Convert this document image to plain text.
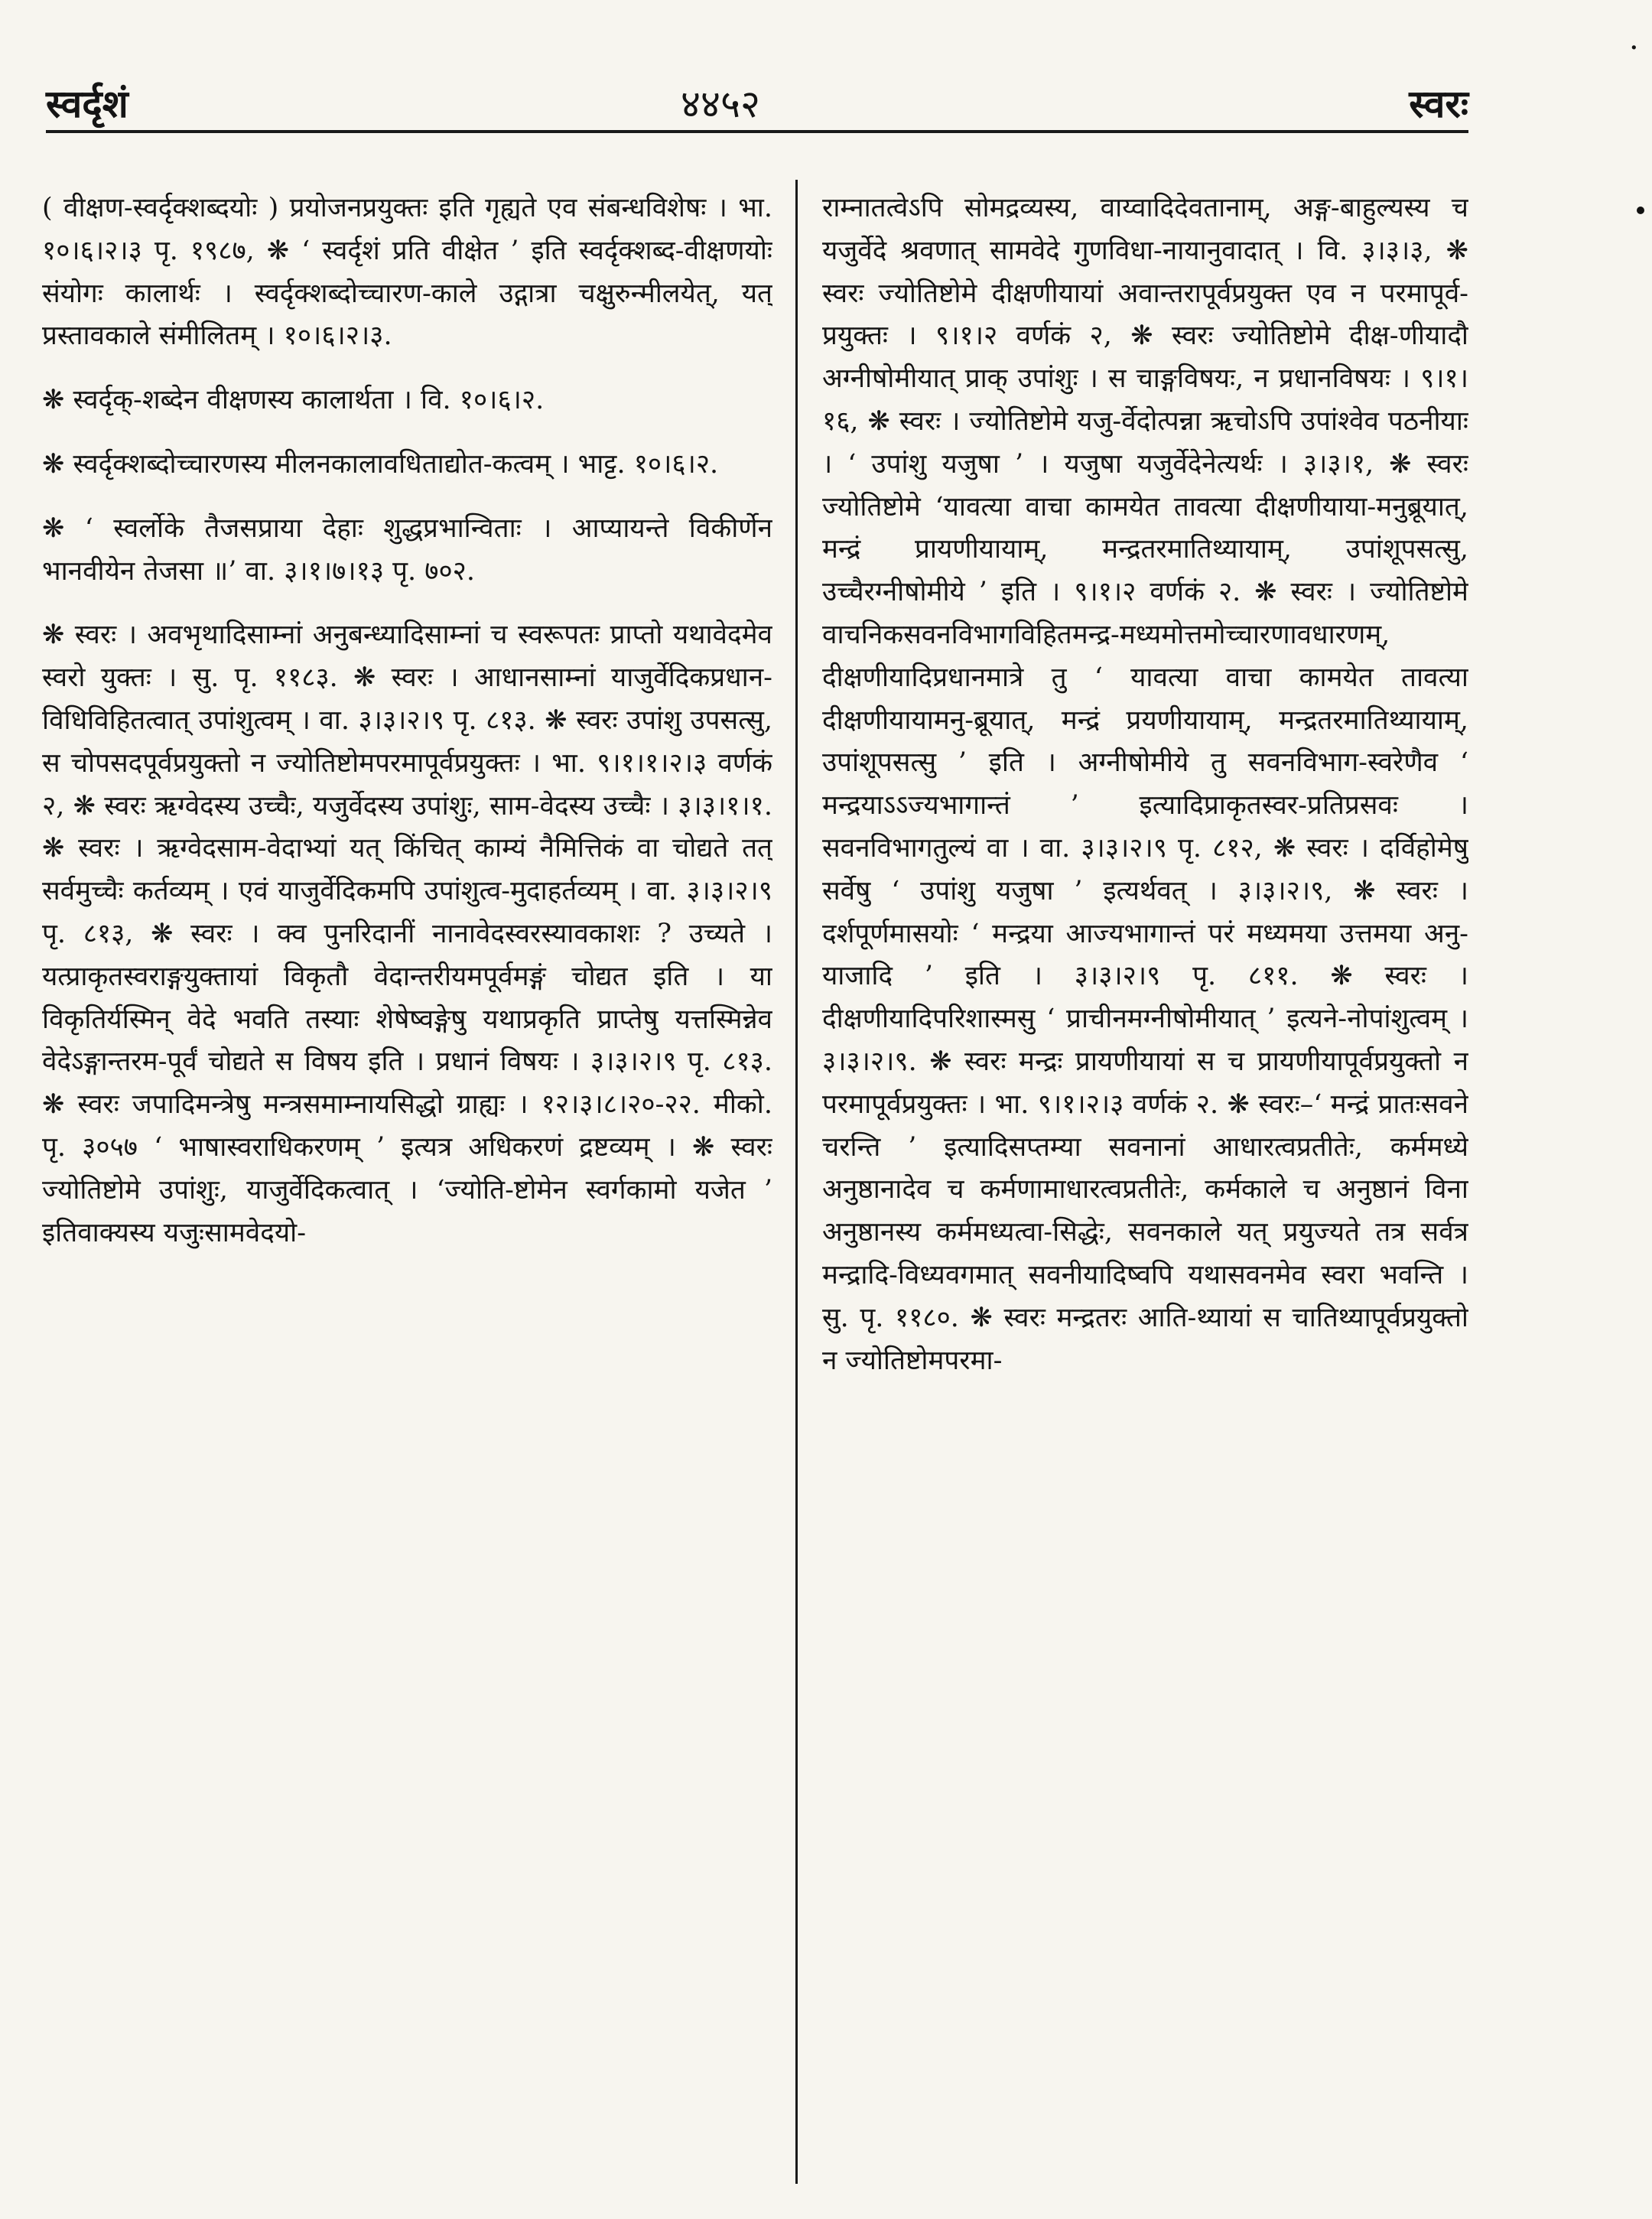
स्वर्दृशं	४४५२	स्वरः

( वीक्षण-स्वर्दृक्शब्दयोः ) प्रयोजनप्रयुक्तः इति गृह्यते एव संबन्धविशेषः । भा. १०।६।२।३ पृ. १९८७, ❋ ‘ स्वर्दृशं प्रति वीक्षेत ’ इति स्वर्दृक्शब्द-वीक्षणयोः संयोगः कालार्थः । स्वर्दृक्शब्दोच्चारण-काले उद्गात्रा चक्षुरुन्मीलयेत्, यत् प्रस्तावकाले संमीलितम् । १०।६।२।३.

❋ स्वर्दृक्-शब्देन वीक्षणस्य कालार्थता । वि. १०।६।२.

❋ स्वर्दृक्शब्दोच्चारणस्य मीलनकालावधिताद्योत-कत्वम् । भाट्ट. १०।६।२.

❋ ‘ स्वर्लोके तैजसप्राया देहाः शुद्धप्रभान्विताः । आप्यायन्ते विकीर्णेन भानवीयेन तेजसा ॥’ वा. ३।१।७।१३ पृ. ७०२.

❋ स्वरः । अवभृथादिसाम्नां अनुबन्ध्यादिसाम्नां च स्वरूपतः प्राप्तो यथावेदमेव स्वरो युक्तः । सु. पृ. ११८३. ❋ स्वरः । आधानसाम्नां याजुर्वेदिकप्रधान-विधिविहितत्वात् उपांशुत्वम् । वा. ३।३।२।९ पृ. ८१३. ❋ स्वरः उपांशु उपसत्सु, स चोपसदपूर्वप्रयुक्तो न ज्योतिष्टोमपरमापूर्वप्रयुक्तः । भा. ९।१।१।२।३ वर्णकं २, ❋ स्वरः ऋग्वेदस्य उच्चैः, यजुर्वेदस्य उपांशुः, साम-वेदस्य उच्चैः । ३।३।१।१. ❋ स्वरः । ऋग्वेदसाम-वेदाभ्यां यत् किंचित् काम्यं नैमित्तिकं वा चोद्यते तत् सर्वमुच्चैः कर्तव्यम् । एवं याजुर्वेदिकमपि उपांशुत्व-मुदाहर्तव्यम् । वा. ३।३।२।९ पृ. ८१३, ❋ स्वरः । क्व पुनरिदानीं नानावेदस्वरस्यावकाशः ? उच्यते । यत्प्राकृतस्वराङ्गयुक्तायां विकृतौ वेदान्तरीयमपूर्वमङ्गं चोद्यत इति । या विकृतिर्यस्मिन् वेदे भवति तस्याः शेषेष्वङ्गेषु यथाप्रकृति प्राप्तेषु यत्तस्मिन्नेव वेदेऽङ्गान्तरम-पूर्वं चोद्यते स विषय इति । प्रधानं विषयः । ३।३।२।९ पृ. ८१३. ❋ स्वरः जपादिमन्त्रेषु मन्त्रसमाम्नायसिद्धो ग्राह्यः । १२।३।८।२०-२२. मीको. पृ. ३०५७ ‘ भाषास्वराधिकरणम् ’ इत्यत्र अधिकरणं द्रष्टव्यम् । ❋ स्वरः ज्योतिष्टोमे उपांशुः, याजुर्वेदिकत्वात् । ‘ज्योति-ष्टोमेन स्वर्गकामो यजेत ’ इतिवाक्यस्य यजुःसामवेदयो-

राम्नातत्वेऽपि सोमद्रव्यस्य, वाय्वादिदेवतानाम्, अङ्ग-बाहुल्यस्य च यजुर्वेदे श्रवणात् सामवेदे गुणविधा-नायानुवादात् । वि. ३।३।३, ❋ स्वरः ज्योतिष्टोमे दीक्षणीयायां अवान्तरापूर्वप्रयुक्त एव न परमापूर्व-प्रयुक्तः । ९।१।२ वर्णकं २, ❋ स्वरः ज्योतिष्टोमे दीक्ष-णीयादौ अग्नीषोमीयात् प्राक् उपांशुः । स चाङ्गविषयः, न प्रधानविषयः । ९।१।१६, ❋ स्वरः । ज्योतिष्टोमे यजु-र्वेदोत्पन्ना ऋचोऽपि उपांश्वेव पठनीयाः । ‘ उपांशु यजुषा ’ । यजुषा यजुर्वेदेनेत्यर्थः । ३।३।१, ❋ स्वरः ज्योतिष्टोमे ‘यावत्या वाचा कामयेत तावत्या दीक्षणीयाया-मनुब्रूयात्, मन्द्रं प्रायणीयायाम्, मन्द्रतरमातिथ्यायाम्, उपांशूपसत्सु, उच्चैरग्नीषोमीये ’ इति । ९।१।२ वर्णकं २. ❋ स्वरः । ज्योतिष्टोमे वाचनिकसवनविभागविहितमन्द्र-मध्यमोत्तमोच्चारणावधारणम्, दीक्षणीयादिप्रधानमात्रे तु ‘ यावत्या वाचा कामयेत तावत्या दीक्षणीयायामनु-ब्रूयात्, मन्द्रं प्रयणीयायाम्, मन्द्रतरमातिथ्यायाम्, उपांशूपसत्सु ’ इति । अग्नीषोमीये तु सवनविभाग-स्वरेणैव ‘ मन्द्रयाऽऽज्यभागान्तं ’ इत्यादिप्राकृतस्वर-प्रतिप्रसवः । सवनविभागतुल्यं वा । वा. ३।३।२।९ पृ. ८१२, ❋ स्वरः । दर्विहोमेषु सर्वेषु ‘ उपांशु यजुषा ’ इत्यर्थवत् । ३।३।२।९, ❋ स्वरः । दर्शपूर्णमासयोः ‘ मन्द्रया आज्यभागान्तं परं मध्यमया उत्तमया अनु-याजादि ’ इति । ३।३।२।९ पृ. ८११. ❋ स्वरः । दीक्षणीयादिपरिशास्मसु ‘ प्राचीनमग्नीषोमीयात् ’ इत्यने-नोपांशुत्वम् । ३।३।२।९. ❋ स्वरः मन्द्रः प्रायणीयायां स च प्रायणीयापूर्वप्रयुक्तो न परमापूर्वप्रयुक्तः । भा. ९।१।२।३ वर्णकं २. ❋ स्वरः–‘ मन्द्रं प्रातःसवने चरन्ति ’ इत्यादिसप्तम्या सवनानां आधारत्वप्रतीतेः, कर्ममध्ये अनुष्ठानादेव च कर्मणामाधारत्वप्रतीतेः, कर्मकाले च अनुष्ठानं विना अनुष्ठानस्य कर्ममध्यत्वा-सिद्धेः, सवनकाले यत् प्रयुज्यते तत्र सर्वत्र मन्द्रादि-विध्यवगमात् सवनीयादिष्वपि यथासवनमेव स्वरा भवन्ति । सु. पृ. ११८०. ❋ स्वरः मन्द्रतरः आति-थ्यायां स चातिथ्यापूर्वप्रयुक्तो न ज्योतिष्टोमपरमा-

·
